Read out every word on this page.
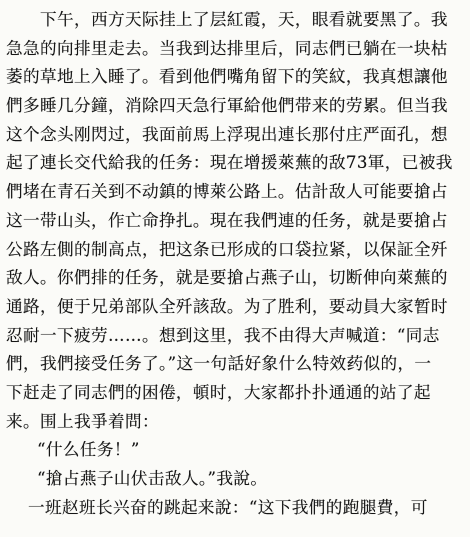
　　下午，西方天际挂上了层紅霞，天，眼看就要黑了。我
急急的向排里走去。当我到达排里后，同志們已躺在一块枯
萎的草地上入睡了。看到他們嘴角留下的笑紋，我真想讓他
們多睡几分鐘，消除四天急行軍給他們带来的劳累。但当我
这个念头刚閃过，我面前馬上浮現出連长那付庄严面孔，想
起了連长交代給我的任务：現在增援萊蕪的敌73軍，已被我
們堵在青石关到不动鎮的博萊公路上。估計敌人可能要搶占
这一带山头，作亡命挣扎。現在我們連的任务，就是要搶占
公路左側的制高点，把这条已形成的口袋拉紧，以保証全歼
敌人。你們排的任务，就是要搶占燕子山，切断伸向萊蕪的
通路，便于兄弟部队全歼該敌。为了胜利，要动員大家暂时
忍耐一下疲劳……。想到这里，我不由得大声喊道：“同志
們，我們接受任务了。”这一句話好象什么特效药似的，一
下赶走了同志們的困倦，頓时，大家都扑扑通通的站了起
来。围上我爭着問：
“什么任务！”
“搶占燕子山伏击敌人。”我說。
一班赵班长兴奋的跳起来說：“这下我們的跑腿費，可
